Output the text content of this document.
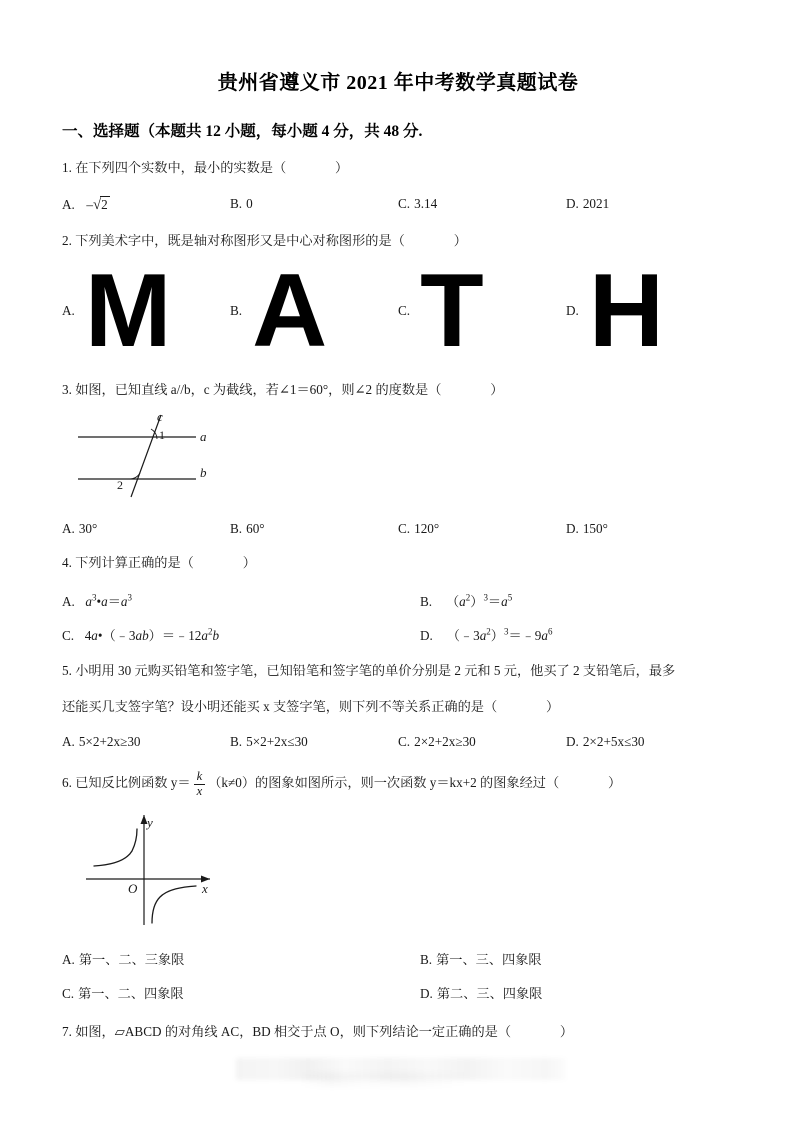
贵州省遵义市 2021 年中考数学真题试卷
一、选择题（本题共 12 小题，每小题 4 分，共 48 分.
1. 在下列四个实数中，最小的实数是（	）
A. –√2	B. 0	C. 3.14	D. 2021
2. 下列美术字中，既是轴对称图形又是中心对称图形的是（	）
A. M	B. A	C. T	D. H
3. 如图，已知直线 a//b，c 为截线，若∠1＝60°，则∠2 的度数是（	）
a
b
c
1
2
A. 30°	B. 60°	C. 120°	D. 150°
4. 下列计算正确的是（	）
A. $a^3•a=a^3$	B. $(a^2)^3=a^5$
C. $4a•(﹣3ab)=﹣12a^2b$	D. $(﹣3a^2)^3=﹣9a^6$
5. 小明用 30 元购买铅笔和签字笔，已知铅笔和签字笔的单价分别是 2 元和 5 元，他买了 2 支铅笔后，最多
还能买几支签字笔？设小明还能买 x 支签字笔，则下列不等关系正确的是（	）
A. 5×2+2x≥30	B. 5×2+2x≤30	C. 2×2+2x≥30	D. 2×2+5x≤30
6. 已知反比例函数 $y= \frac{k}{x} (k\ne 0)$的图象如图所示，则一次函数 y＝kx+2 的图象经过（	）
y
x
O
A. 第一、二、三象限	B. 第一、三、四象限
C. 第一、二、四象限	D. 第二、三、四象限
7. 如图，▱ABCD 的对角线 AC，BD 相交于点 O，则下列结论一定正确的是（	）
